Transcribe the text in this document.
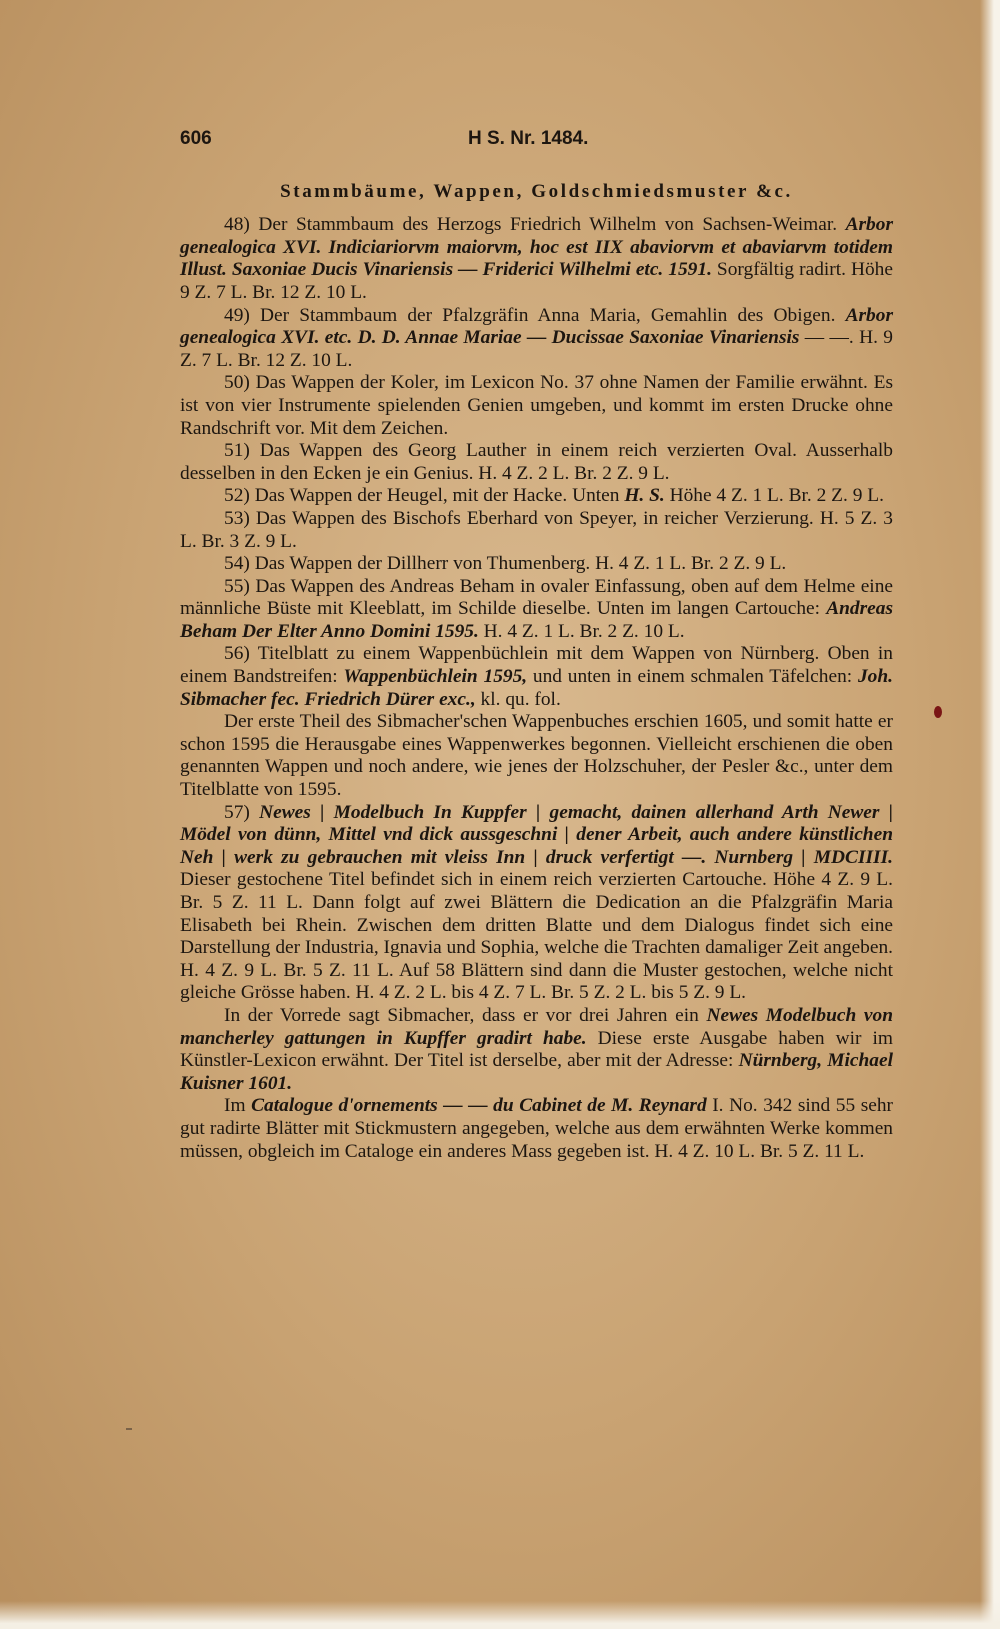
606	H S. Nr. 1484.
Stammbäume, Wappen, Goldschmiedsmuster &c.

48) Der Stammbaum des Herzogs Friedrich Wilhelm von Sachsen-Weimar. Arbor genealogica XVI. Indiciariorvm maiorvm, hoc est IIX abaviorvm et abaviarvm totidem Illust. Saxoniae Ducis Vinariensis — Friderici Wilhelmi etc. 1591. Sorgfältig radirt. Höhe 9 Z. 7 L. Br. 12 Z. 10 L.

49) Der Stammbaum der Pfalzgräfin Anna Maria, Gemahlin des Obigen. Arbor genealogica XVI. etc. D. D. Annae Mariae — Ducissae Saxoniae Vinariensis — —. H. 9 Z. 7 L. Br. 12 Z. 10 L.

50) Das Wappen der Koler, im Lexicon No. 37 ohne Namen der Familie erwähnt. Es ist von vier Instrumente spielenden Genien umgeben, und kommt im ersten Drucke ohne Randschrift vor. Mit dem Zeichen.

51) Das Wappen des Georg Lauther in einem reich verzierten Oval. Ausserhalb desselben in den Ecken je ein Genius. H. 4 Z. 2 L. Br. 2 Z. 9 L.

52) Das Wappen der Heugel, mit der Hacke. Unten H. S. Höhe 4 Z. 1 L. Br. 2 Z. 9 L.

53) Das Wappen des Bischofs Eberhard von Speyer, in reicher Verzierung. H. 5 Z. 3 L. Br. 3 Z. 9 L.

54) Das Wappen der Dillherr von Thumenberg. H. 4 Z. 1 L. Br. 2 Z. 9 L.

55) Das Wappen des Andreas Beham in ovaler Einfassung, oben auf dem Helme eine männliche Büste mit Kleeblatt, im Schilde dieselbe. Unten im langen Cartouche: Andreas Beham Der Elter Anno Domini 1595. H. 4 Z. 1 L. Br. 2 Z. 10 L.

56) Titelblatt zu einem Wappenbüchlein mit dem Wappen von Nürnberg. Oben in einem Bandstreifen: Wappenbüchlein 1595, und unten in einem schmalen Täfelchen: Joh. Sibmacher fec. Friedrich Dürer exc., kl. qu. fol.

Der erste Theil des Sibmacher'schen Wappenbuches erschien 1605, und somit hatte er schon 1595 die Herausgabe eines Wappenwerkes begonnen. Vielleicht erschienen die oben genannten Wappen und noch andere, wie jenes der Holzschuher, der Pesler &c., unter dem Titelblatte von 1595.

57) Newes | Modelbuch In Kuppfer | gemacht, dainen allerhand Arth Newer | Mödel von dünn, Mittel vnd dick aussgeschni | dener Arbeit, auch andere künstlichen Neh | werk zu gebrauchen mit vleiss Inn | druck verfertigt —. Nurnberg | MDCIIII. Dieser gestochene Titel befindet sich in einem reich verzierten Cartouche. Höhe 4 Z. 9 L. Br. 5 Z. 11 L. Dann folgt auf zwei Blättern die Dedication an die Pfalzgräfin Maria Elisabeth bei Rhein. Zwischen dem dritten Blatte und dem Dialogus findet sich eine Darstellung der Industria, Ignavia und Sophia, welche die Trachten damaliger Zeit angeben. H. 4 Z. 9 L. Br. 5 Z. 11 L. Auf 58 Blättern sind dann die Muster gestochen, welche nicht gleiche Grösse haben. H. 4 Z. 2 L. bis 4 Z. 7 L. Br. 5 Z. 2 L. bis 5 Z. 9 L.

In der Vorrede sagt Sibmacher, dass er vor drei Jahren ein Newes Modelbuch von mancherley gattungen in Kupffer gradirt habe. Diese erste Ausgabe haben wir im Künstler-Lexicon erwähnt. Der Titel ist derselbe, aber mit der Adresse: Nürnberg, Michael Kuisner 1601.

Im Catalogue d'ornements — — du Cabinet de M. Reynard I. No. 342 sind 55 sehr gut radirte Blätter mit Stickmustern angegeben, welche aus dem erwähnten Werke kommen müssen, obgleich im Cataloge ein anderes Mass gegeben ist. H. 4 Z. 10 L. Br. 5 Z. 11 L.
